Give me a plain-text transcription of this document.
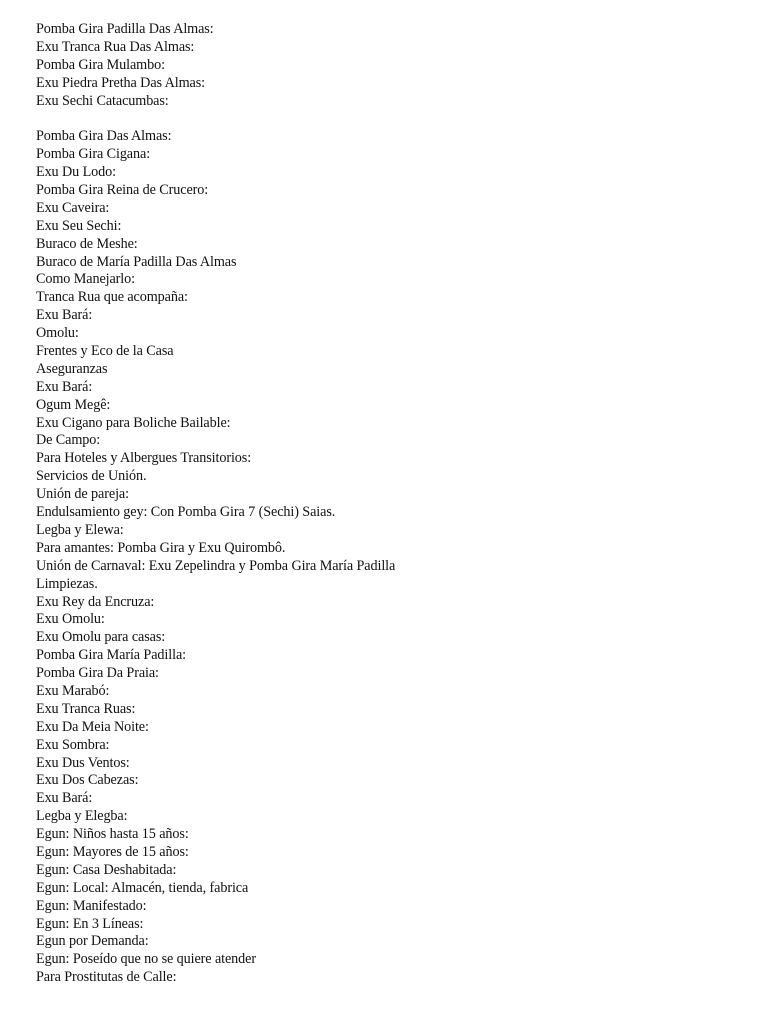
Pomba Gira Padilla Das Almas:
Exu Tranca Rua Das Almas:
Pomba Gira Mulambo:
Exu Piedra Pretha Das Almas:
Exu Sechi Catacumbas:
Pomba Gira Das Almas:
Pomba Gira Cigana:
Exu Du Lodo:
Pomba Gira Reina de Crucero:
Exu Caveira:
Exu Seu Sechi:
Buraco de Meshe:
Buraco de María Padilla Das Almas
Como Manejarlo:
Tranca Rua que acompaña:
Exu Bará:
Omolu:
Frentes y Eco de la Casa
Aseguranzas
Exu Bará:
Ogum Megê:
Exu Cigano para Boliche Bailable:
De Campo:
Para Hoteles y Albergues Transitorios:
Servicios de Unión.
Unión de pareja:
Endulsamiento gey: Con Pomba Gira 7 (Sechi) Saias.
Legba y Elewa:
Para amantes: Pomba Gira y Exu Quirombô.
Unión de Carnaval: Exu Zepelindra y Pomba Gira María Padilla
Limpiezas.
Exu Rey da Encruza:
Exu Omolu:
Exu Omolu para casas:
Pomba Gira María Padilla:
Pomba Gira Da Praia:
Exu Marabó:
Exu Tranca Ruas:
Exu Da Meia Noite:
Exu Sombra:
Exu Dus Ventos:
Exu Dos Cabezas:
Exu Bará:
Legba y Elegba:
Egun: Niños hasta 15 años:
Egun: Mayores de 15 años:
Egun: Casa Deshabitada:
Egun: Local: Almacén, tienda, fabrica
Egun: Manifestado:
Egun: En 3 Líneas:
Egun por Demanda:
Egun: Poseído que no se quiere atender
Para Prostitutas de Calle:
